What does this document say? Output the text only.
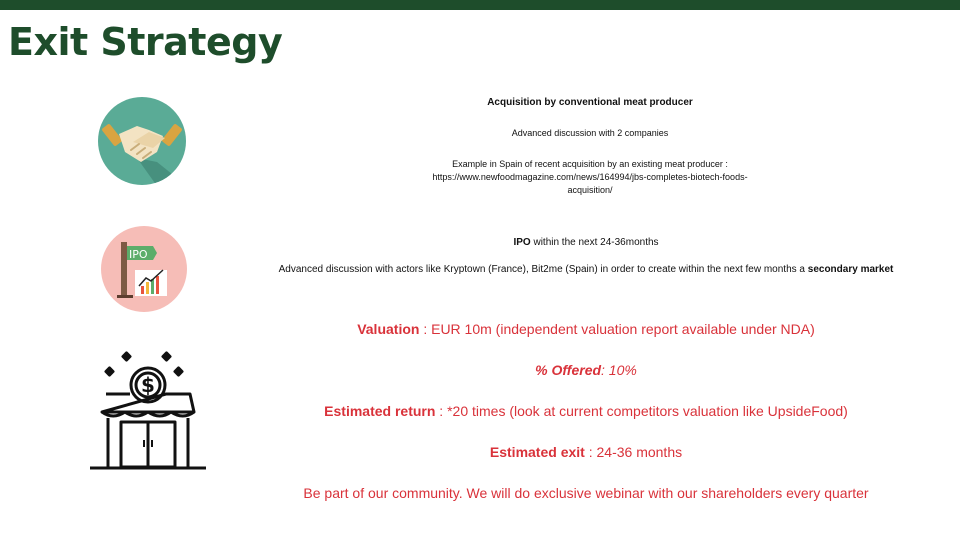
Exit Strategy
IPO
$

Acquisition by conventional meat producer

Advanced discussion with 2 companies

Example in Spain of recent acquisition by an existing meat producer :

https://www.newfoodmagazine.com/news/164994/jbs-completes-biotech-foods-

acquisition/

IPO within the next 24-36months

Advanced discussion with actors like Kryptown (France), Bit2me (Spain) in order to create within the next few months a secondary market

Valuation : EUR 10m (independent valuation report available under NDA)

% Offered: 10%

Estimated return : *20 times (look at current competitors valuation like UpsideFood)

Estimated exit : 24-36 months

Be part of our community. We will do exclusive webinar with our shareholders every quarter
